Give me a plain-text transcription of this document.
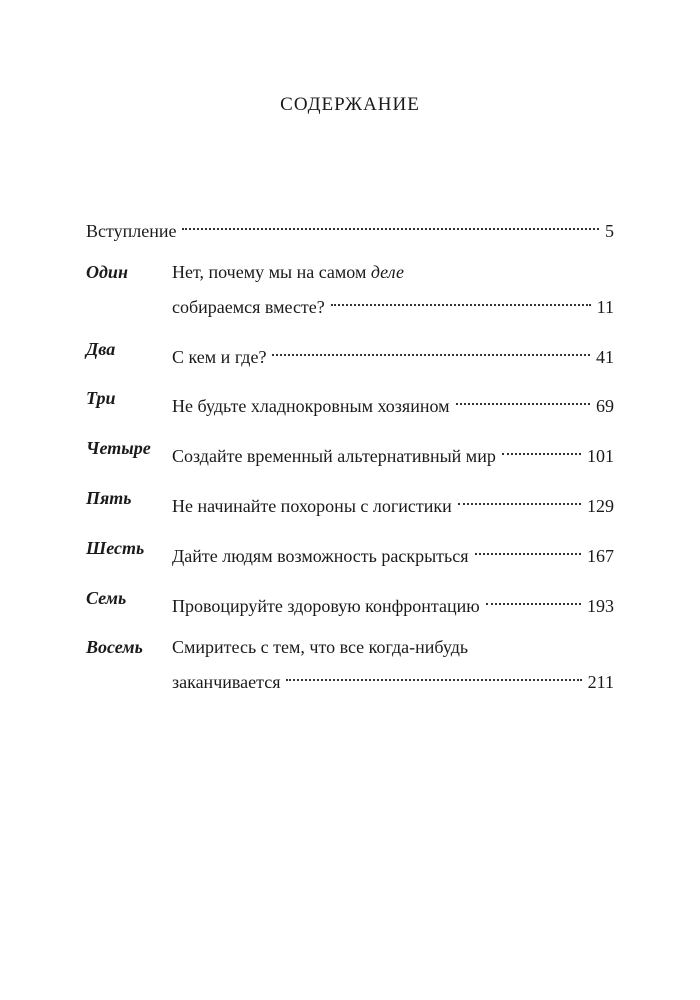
СОДЕРЖАНИЕ
Вступление	5
Один Нет, почему мы на самом деле
собираемся вместе?	11
Два	С кем и где?	41
Три	Не будьте хладнокровным хозяином	69
Четыре Создайте временный альтернативный мир	101
Пять Не начинайте похороны с логистики	129
Шесть Дайте людям возможность раскрыться	167
Семь	Провоцируйте здоровую конфронтацию	193
Восемь Смиритесь с тем, что все когда-нибудь
заканчивается	211
